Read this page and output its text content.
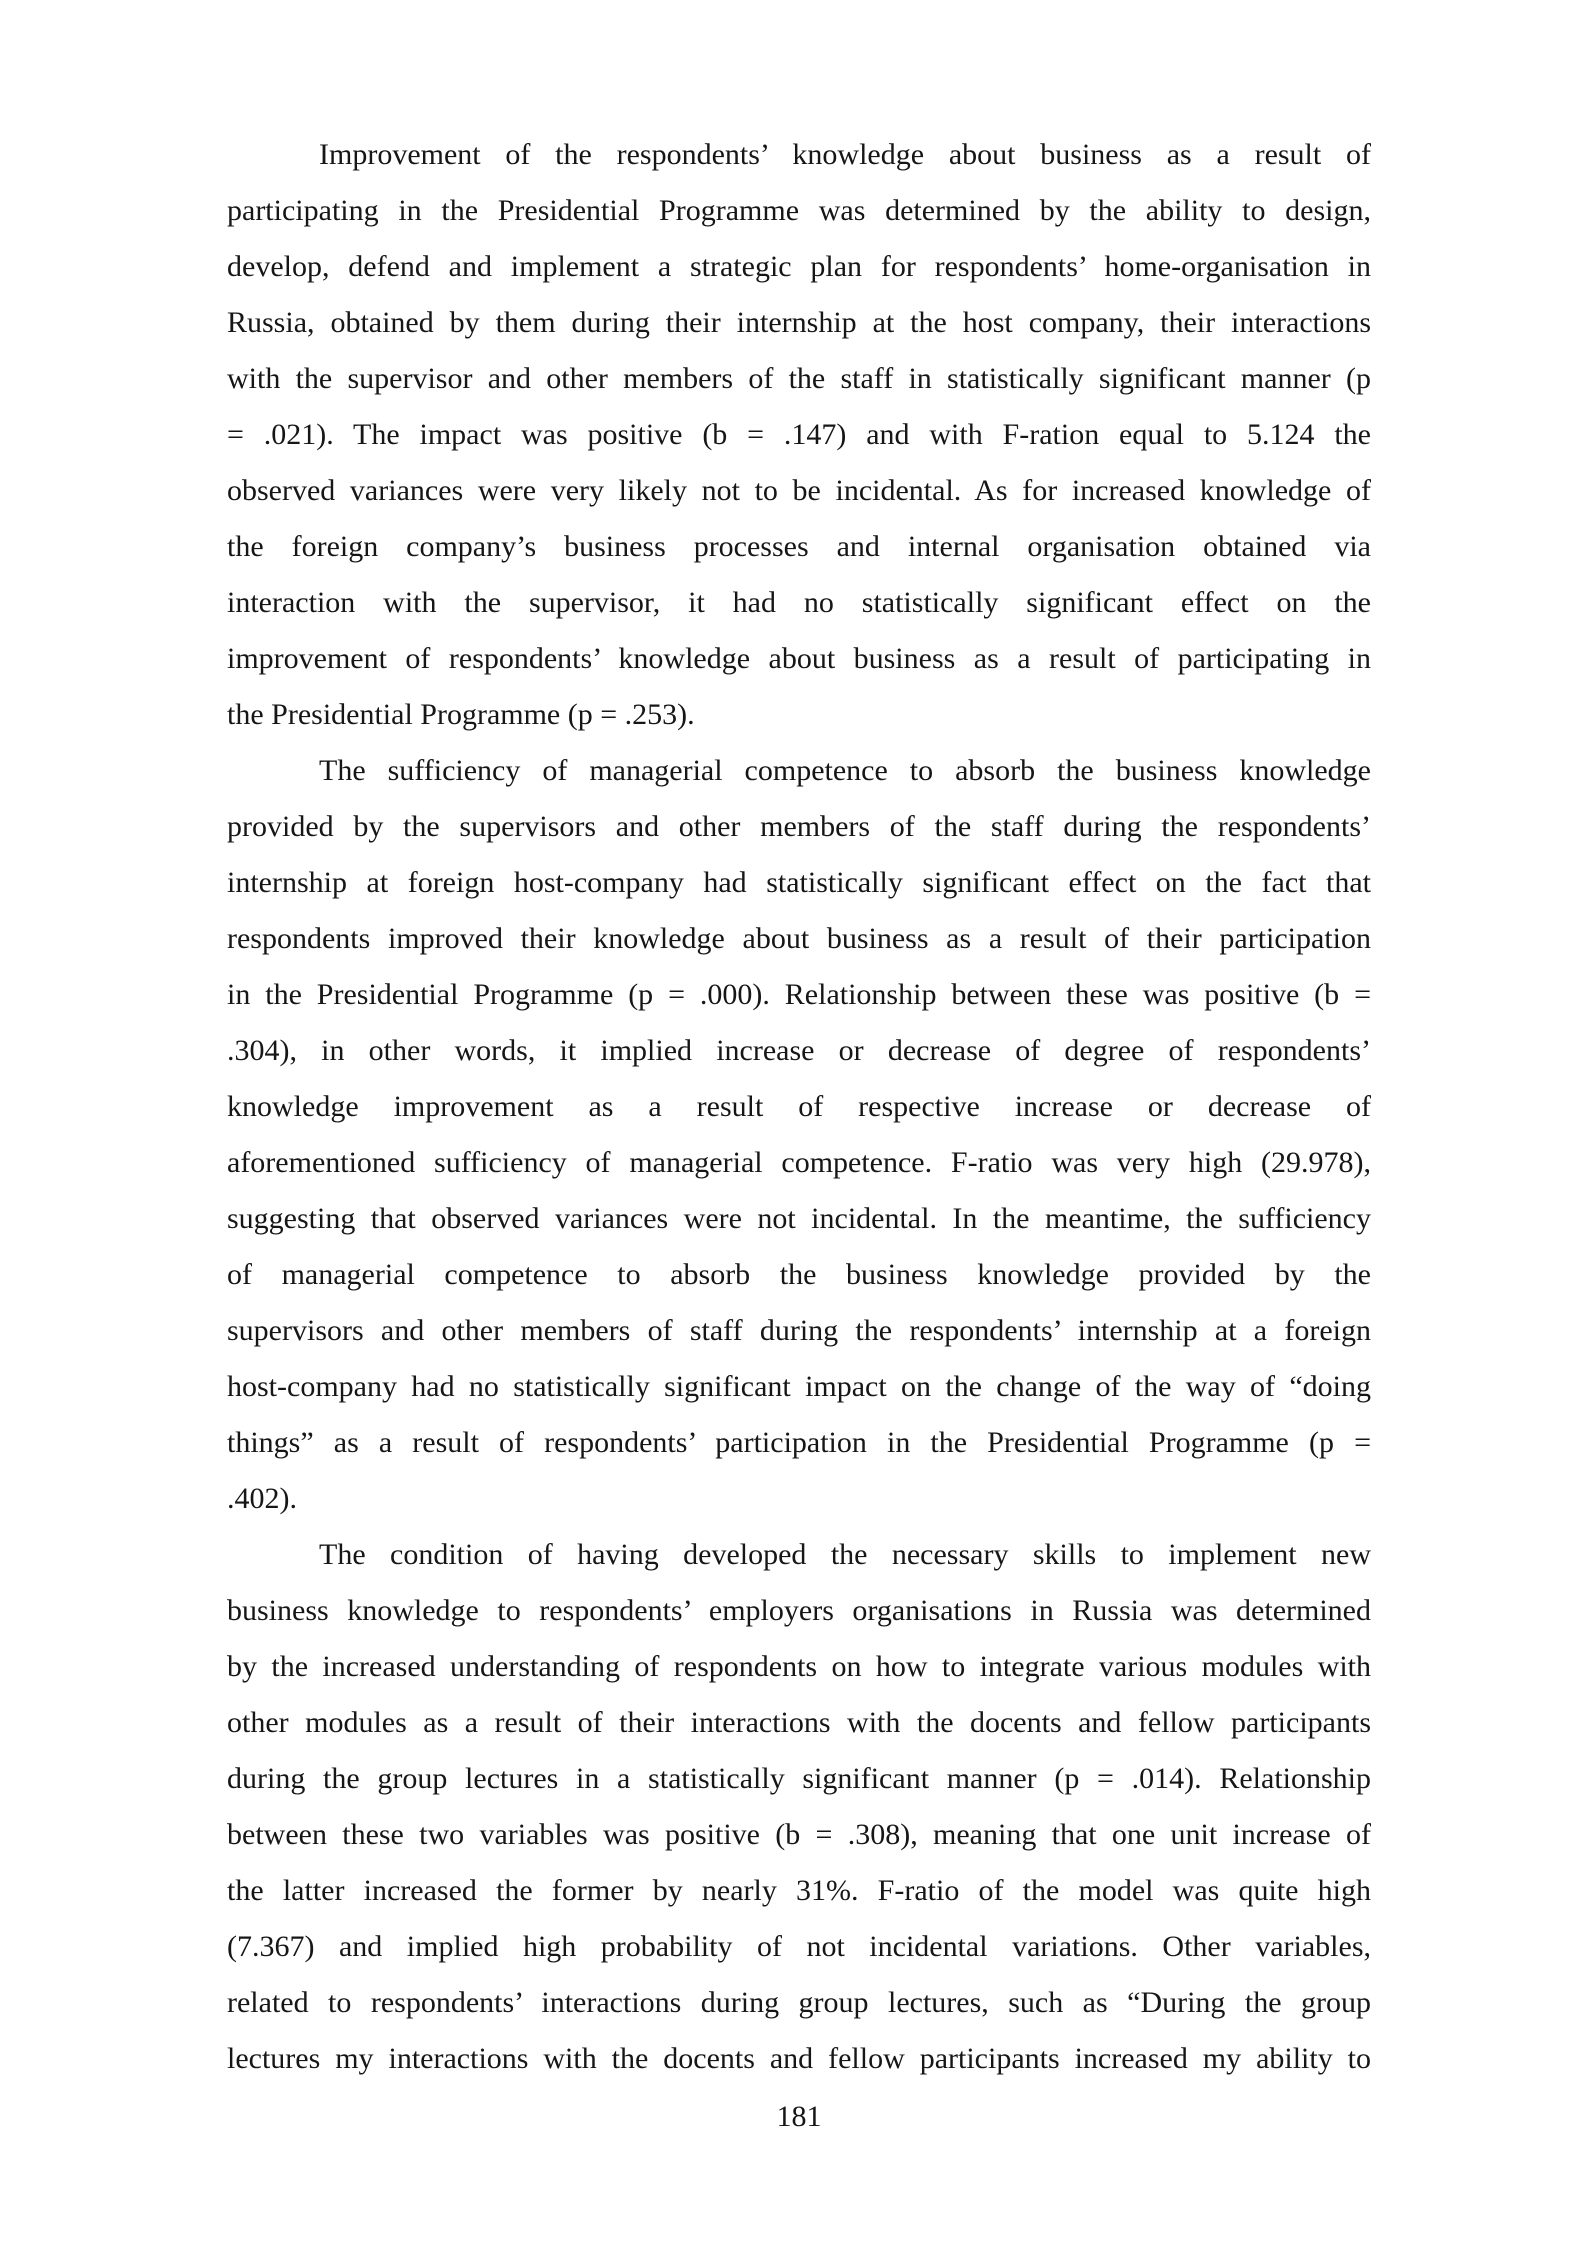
Improvement of the respondents’ knowledge about business as a result of
participating in the Presidential Programme was determined by the ability to design,
develop, defend and implement a strategic plan for respondents’ home-organisation in
Russia, obtained by them during their internship at the host company, their interactions
with the supervisor and other members of the staff in statistically significant manner (p
= .021). The impact was positive (b = .147) and with F-ration equal to 5.124 the
observed variances were very likely not to be incidental. As for increased knowledge of
the foreign company’s business processes and internal organisation obtained via
interaction with the supervisor, it had no statistically significant effect on the
improvement of respondents’ knowledge about business as a result of participating in
the Presidential Programme (p = .253).
The sufficiency of managerial competence to absorb the business knowledge
provided by the supervisors and other members of the staff during the respondents’
internship at foreign host-company had statistically significant effect on the fact that
respondents improved their knowledge about business as a result of their participation
in the Presidential Programme (p = .000). Relationship between these was positive (b =
.304), in other words, it implied increase or decrease of degree of respondents’
knowledge improvement as a result of respective increase or decrease of
aforementioned sufficiency of managerial competence. F-ratio was very high (29.978),
suggesting that observed variances were not incidental. In the meantime, the sufficiency
of managerial competence to absorb the business knowledge provided by the
supervisors and other members of staff during the respondents’ internship at a foreign
host-company had no statistically significant impact on the change of the way of “doing
things” as a result of respondents’ participation in the Presidential Programme (p =
.402).
The condition of having developed the necessary skills to implement new
business knowledge to respondents’ employers organisations in Russia was determined
by the increased understanding of respondents on how to integrate various modules with
other modules as a result of their interactions with the docents and fellow participants
during the group lectures in a statistically significant manner (p = .014). Relationship
between these two variables was positive (b = .308), meaning that one unit increase of
the latter increased the former by nearly 31%. F-ratio of the model was quite high
(7.367) and implied high probability of not incidental variations. Other variables,
related to respondents’ interactions during group lectures, such as “During the group
lectures my interactions with the docents and fellow participants increased my ability to
181
